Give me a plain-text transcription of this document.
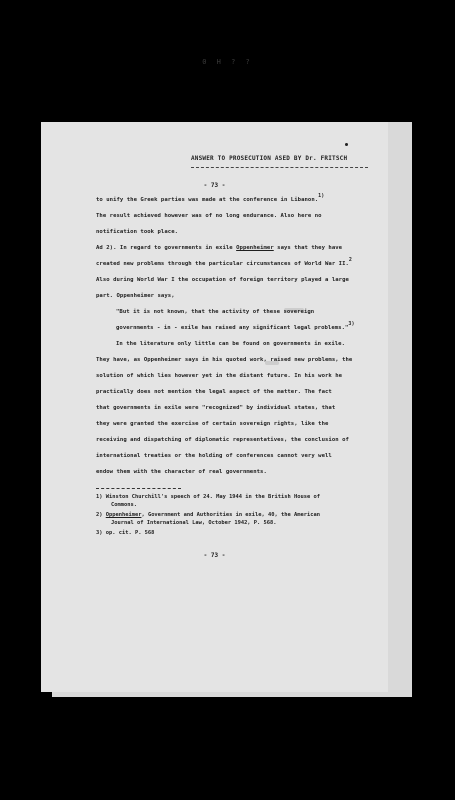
0 H ? ?
ANSWER TO PROSECUTION ASED BY Dr. FRITSCH
- 73 -
to unify the Greek parties was made at the conference in Libanon.1)
The result achieved however was of no long endurance. Also here no
notification took place.
Ad 2). In regard to governments in exile Oppenheimer says that they have
created new problems through the particular circumstances of World War II.2
Also during World War I the occupation of foreign territory played a large
part. Oppenheimer says,
"But it is not known, that the activity of these sovereign
governments - in - exile has raised any significant legal problems."3)
In the literature only little can be found on governments in exile.
They have, as Oppenheimer says in his quoted work, raised new problems, the
solution of which lies however yet in the distant future. In his work he
practically does not mention the legal aspect of the matter. The fact
that governments in exile were "recognized" by individual states, that
they were granted the exercise of certain sovereign rights, like the
receiving and dispatching of diplomatic representatives, the conclusion of
international treaties or the holding of conferences cannot very well
endow them with the character of real governments.
1) Winston Churchill's speech of 24. May 1944 in the British House of
Commons.
2) Oppenheimer, Government and Authorities in exile, 40, the American
Journal of International Law, October 1942, P. 568.
3) op. cit. P. 568
- 73 -
